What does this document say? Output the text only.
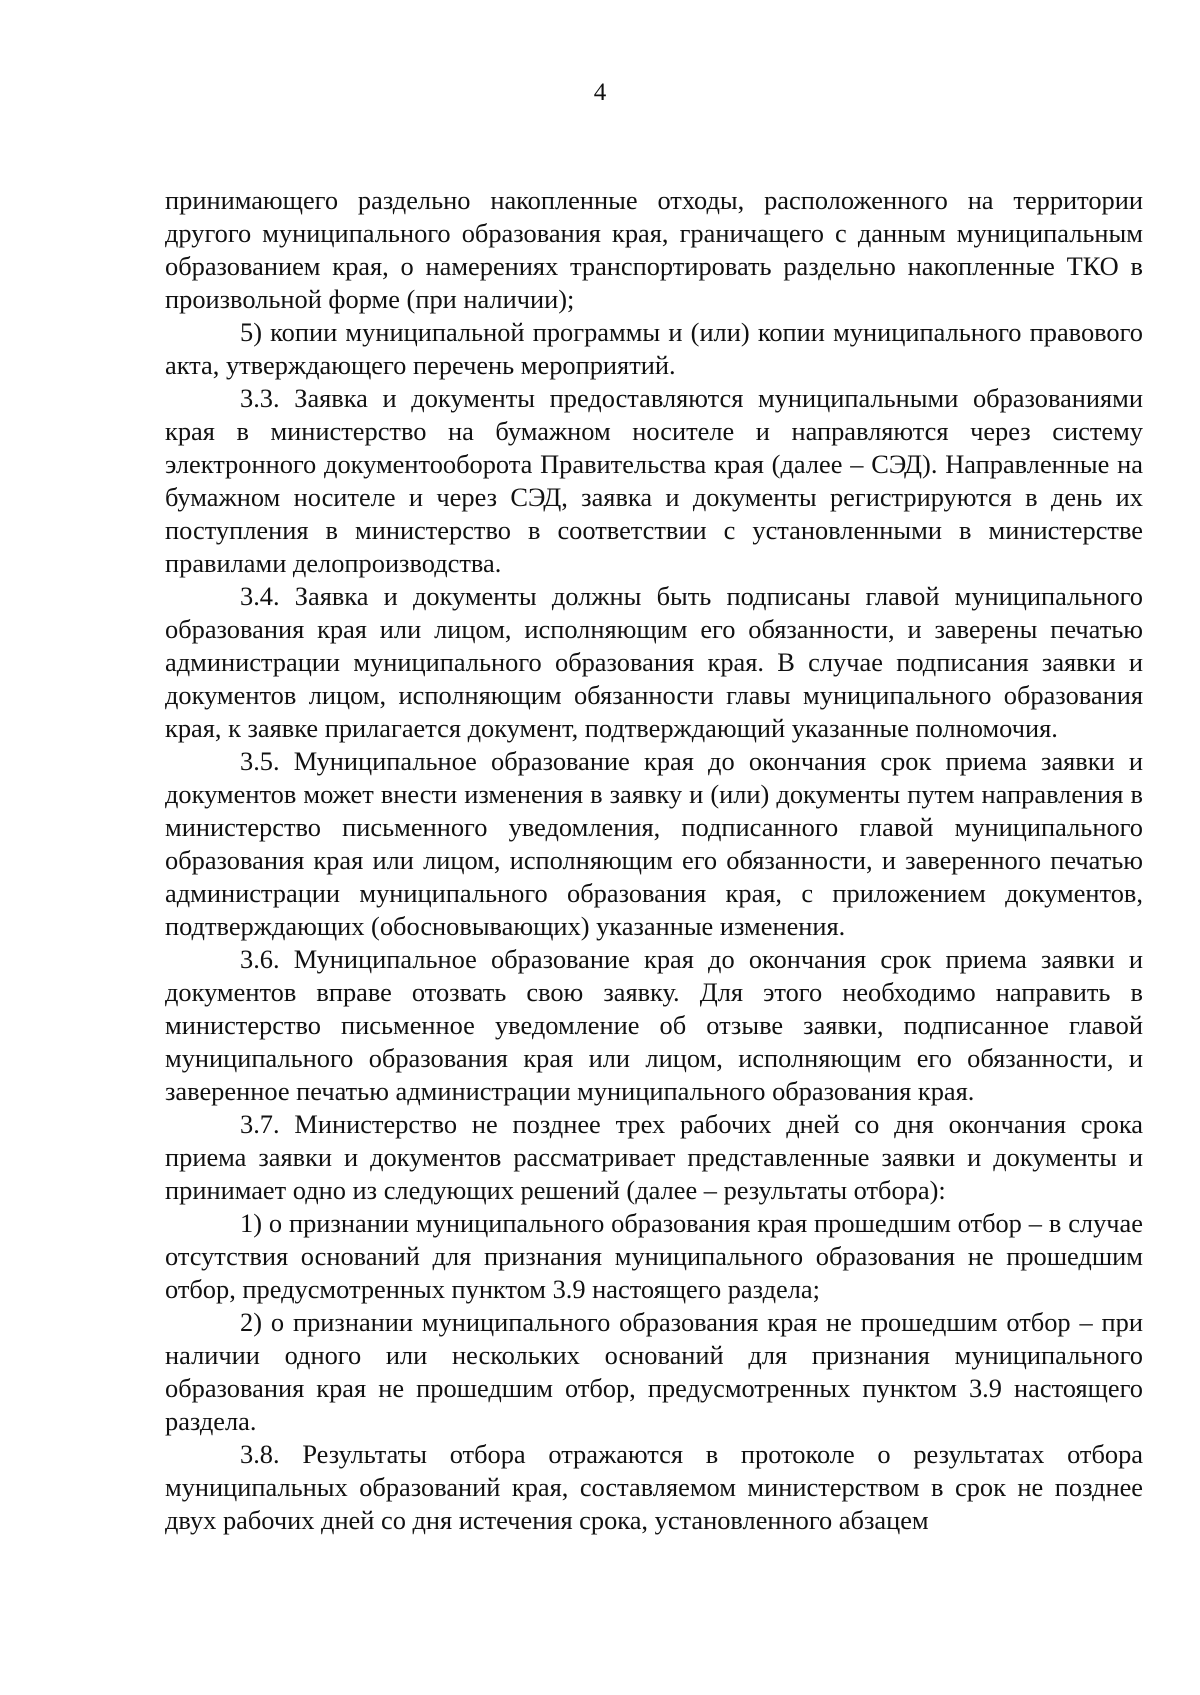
4

принимающего раздельно накопленные отходы, расположенного на территории другого муниципального образования края, граничащего с данным муниципальным образованием края, о намерениях транспортировать раздельно накопленные ТКО в произвольной форме (при наличии);

5) копии муниципальной программы и (или) копии муниципального правового акта, утверждающего перечень мероприятий.

3.3. Заявка и документы предоставляются муниципальными образованиями края в министерство на бумажном носителе и направляются через систему электронного документооборота Правительства края (далее – СЭД). Направленные на бумажном носителе и через СЭД, заявка и документы регистрируются в день их поступления в министерство в соответствии с установленными в министерстве правилами делопроизводства.

3.4. Заявка и документы должны быть подписаны главой муниципального образования края или лицом, исполняющим его обязанности, и заверены печатью администрации муниципального образования края. В случае подписания заявки и документов лицом, исполняющим обязанности главы муниципального образования края, к заявке прилагается документ, подтверждающий указанные полномочия.

3.5. Муниципальное образование края до окончания срок приема заявки и документов может внести изменения в заявку и (или) документы путем направления в министерство письменного уведомления, подписанного главой муниципального образования края или лицом, исполняющим его обязанности, и заверенного печатью администрации муниципального образования края, с приложением документов, подтверждающих (обосновывающих) указанные изменения.

3.6. Муниципальное образование края до окончания срок приема заявки и документов вправе отозвать свою заявку. Для этого необходимо направить в министерство письменное уведомление об отзыве заявки, подписанное главой муниципального образования края или лицом, исполняющим его обязанности, и заверенное печатью администрации муниципального образования края.

3.7. Министерство не позднее трех рабочих дней со дня окончания срока приема заявки и документов рассматривает представленные заявки и документы и принимает одно из следующих решений (далее – результаты отбора):

1) о признании муниципального образования края прошедшим отбор – в случае отсутствия оснований для признания муниципального образования не прошедшим отбор, предусмотренных пунктом 3.9 настоящего раздела;

2) о признании муниципального образования края не прошедшим отбор – при наличии одного или нескольких оснований для признания муниципального образования края не прошедшим отбор, предусмотренных пунктом 3.9 настоящего раздела.

3.8. Результаты отбора отражаются в протоколе о результатах отбора муниципальных образований края, составляемом министерством в срок не позднее двух рабочих дней со дня истечения срока, установленного абзацем
